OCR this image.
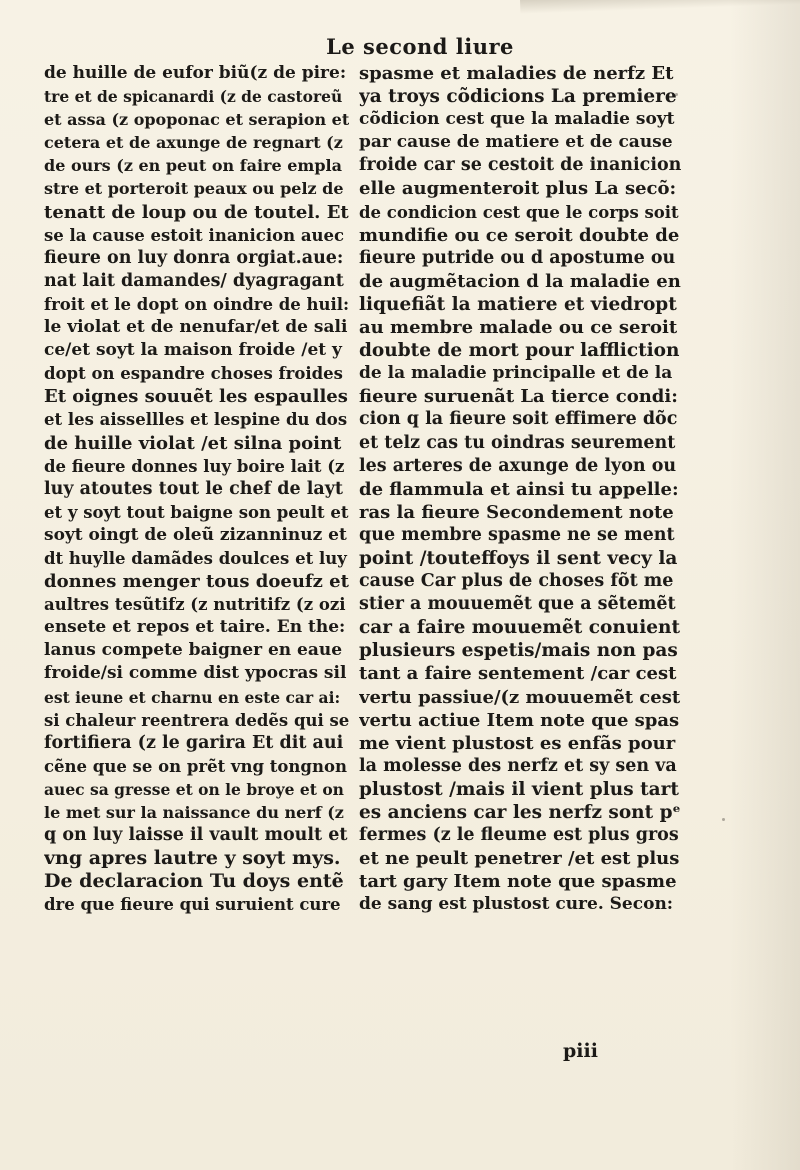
Le second liure
de huille de eufor biũ(z de pire:
tre et de spicanardi (z de castoreũ
et assa (z opoponac et serapion et
cetera et de axunge de regnart (z
de ours (z en peut on faire empla
stre et porteroit peaux ou pelz de
tenatt de loup ou de toutel. Et
se la cause estoit inanicion auec
fieure on luy donra orgiat.aue:
nat lait damandes/ dyagragant
froit et le dopt on oindre de huil:
le violat et de nenufar/et de sali
ce/et soyt la maison froide /et y
dopt on espandre choses froides
Et oignes souuẽt les espaulles
et les aissellles et lespine du dos
de huille violat /et silna point
de fieure donnes luy boire lait (z
luy atoutes tout le chef de layt
et y soyt tout baigne son peult et
soyt oingt de oleũ zizanninuz et
dt huylle damãdes doulces et luy
donnes menger tous doeufz et
aultres tesũtifz (z nutritifz (z ozi
ensete et repos et taire. En the:
lanus compete baigner en eaue
froide/si comme dist ypocras sil
est ieune et charnu en este car ai:
si chaleur reentrera dedẽs qui se
fortifiera (z le garira Et dit aui
cẽne que se on prẽt vng tongnon
auec sa gresse et on le broye et on
le met sur la naissance du nerf (z
q on luy laisse il vault moult et
vng apres lautre y soyt mys.
De declaracion Tu doys entẽ
dre que fieure qui suruient cure
spasme et maladies de nerfz Et
ya troys cõdicions La premiere
cõdicion cest que la maladie soyt
par cause de matiere et de cause
froide car se cestoit de inanicion
elle augmenteroit plus La secõ:
de condicion cest que le corps soit
mundifie ou ce seroit doubte de
fieure putride ou d apostume ou
de augmẽtacion d la maladie en
liquefiãt la matiere et viedropt
au membre malade ou ce seroit
doubte de mort pour laffliction
de la maladie principalle et de la
fieure suruenãt La tierce condi:
cion q la fieure soit effimere dõc
et telz cas tu oindras seurement
les arteres de axunge de lyon ou
de flammula et ainsi tu appelle:
ras la fieure Secondement note
que membre spasme ne se ment
point /touteffoys il sent vecy la
cause Car plus de choses fõt me
stier a mouuemẽt que a sẽtemẽt
car a faire mouuemẽt conuient
plusieurs espetis/mais non pas
tant a faire sentement /car cest
vertu passiue/(z mouuemẽt cest
vertu actiue Item note que spas
me vient plustost es enfãs pour
la molesse des nerfz et sy sen va
plustost /mais il vient plus tart
es anciens car les nerfz sont pᵉ
fermes (z le fleume est plus gros
et ne peult penetrer /et est plus
tart gary Item note que spasme
de sang est plustost cure. Secon:
piii
